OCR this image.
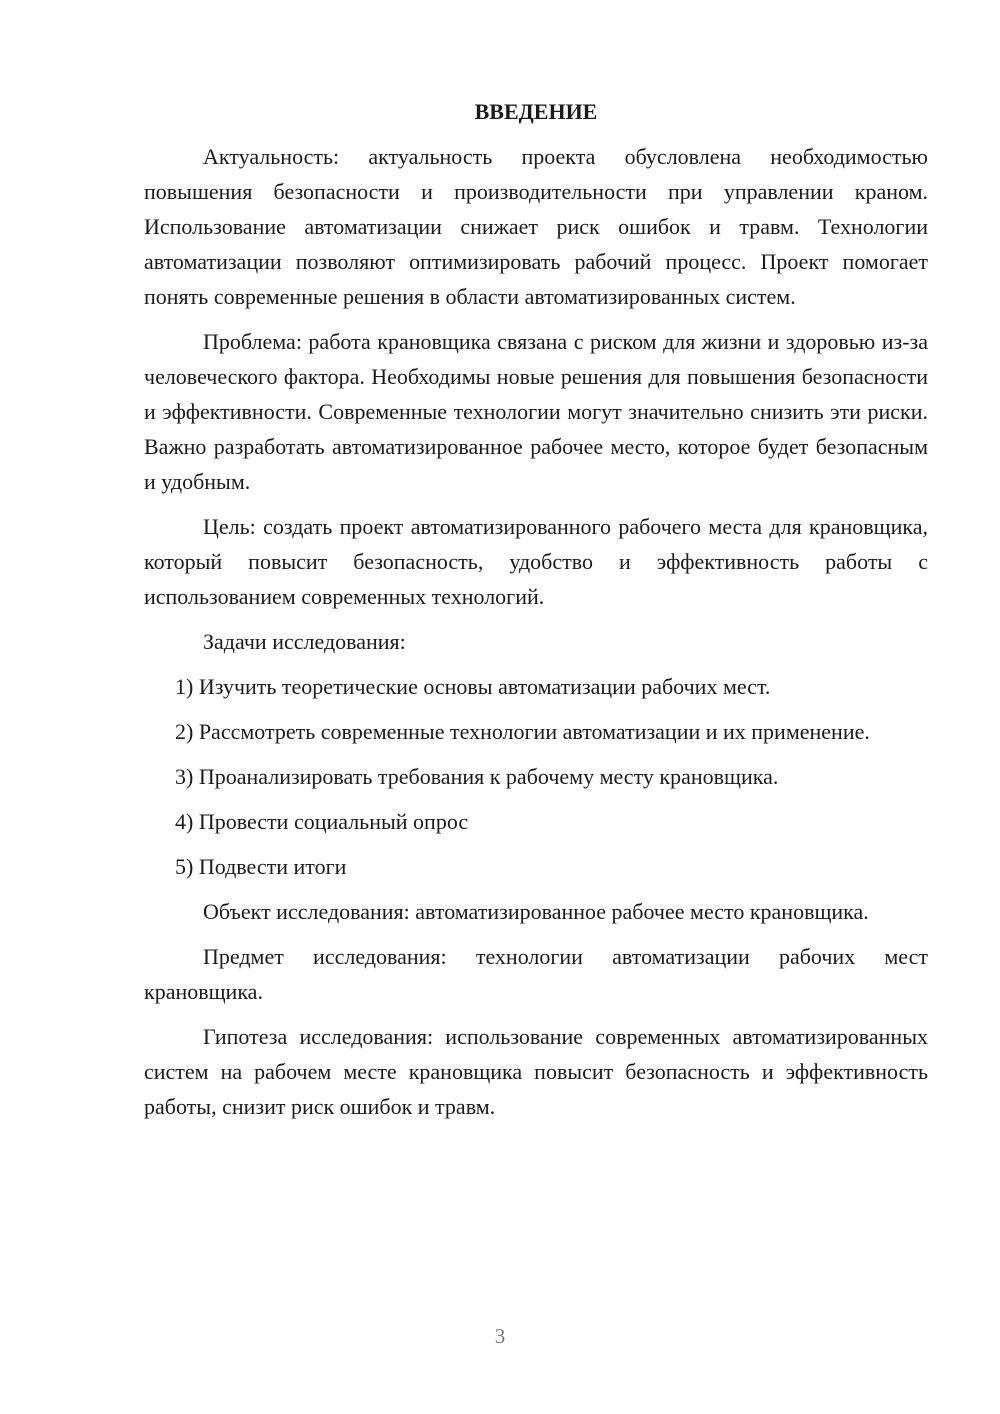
ВВЕДЕНИЕ

Актуальность: актуальность проекта обусловлена необходимостью повышения безопасности и производительности при управлении краном. Использование автоматизации снижает риск ошибок и травм. Технологии автоматизации позволяют оптимизировать рабочий процесс. Проект помогает понять современные решения в области автоматизированных систем.

Проблема: работа крановщика связана с риском для жизни и здоровью из-за человеческого фактора. Необходимы новые решения для повышения безопасности и эффективности. Современные технологии могут значительно снизить эти риски. Важно разработать автоматизированное рабочее место, которое будет безопасным и удобным.

Цель: создать проект автоматизированного рабочего места для крановщика, который повысит безопасность, удобство и эффективность работы с использованием современных технологий.

Задачи исследования:

1) Изучить теоретические основы автоматизации рабочих мест.

2) Рассмотреть современные технологии автоматизации и их применение.

3) Проанализировать требования к рабочему месту крановщика.

4) Провести социальный опрос

5) Подвести итоги

Объект исследования: автоматизированное рабочее место крановщика.

Предмет исследования: технологии автоматизации рабочих мест крановщика.

Гипотеза исследования: использование современных автоматизированных систем на рабочем месте крановщика повысит безопасность и эффективность работы, снизит риск ошибок и травм.

3
